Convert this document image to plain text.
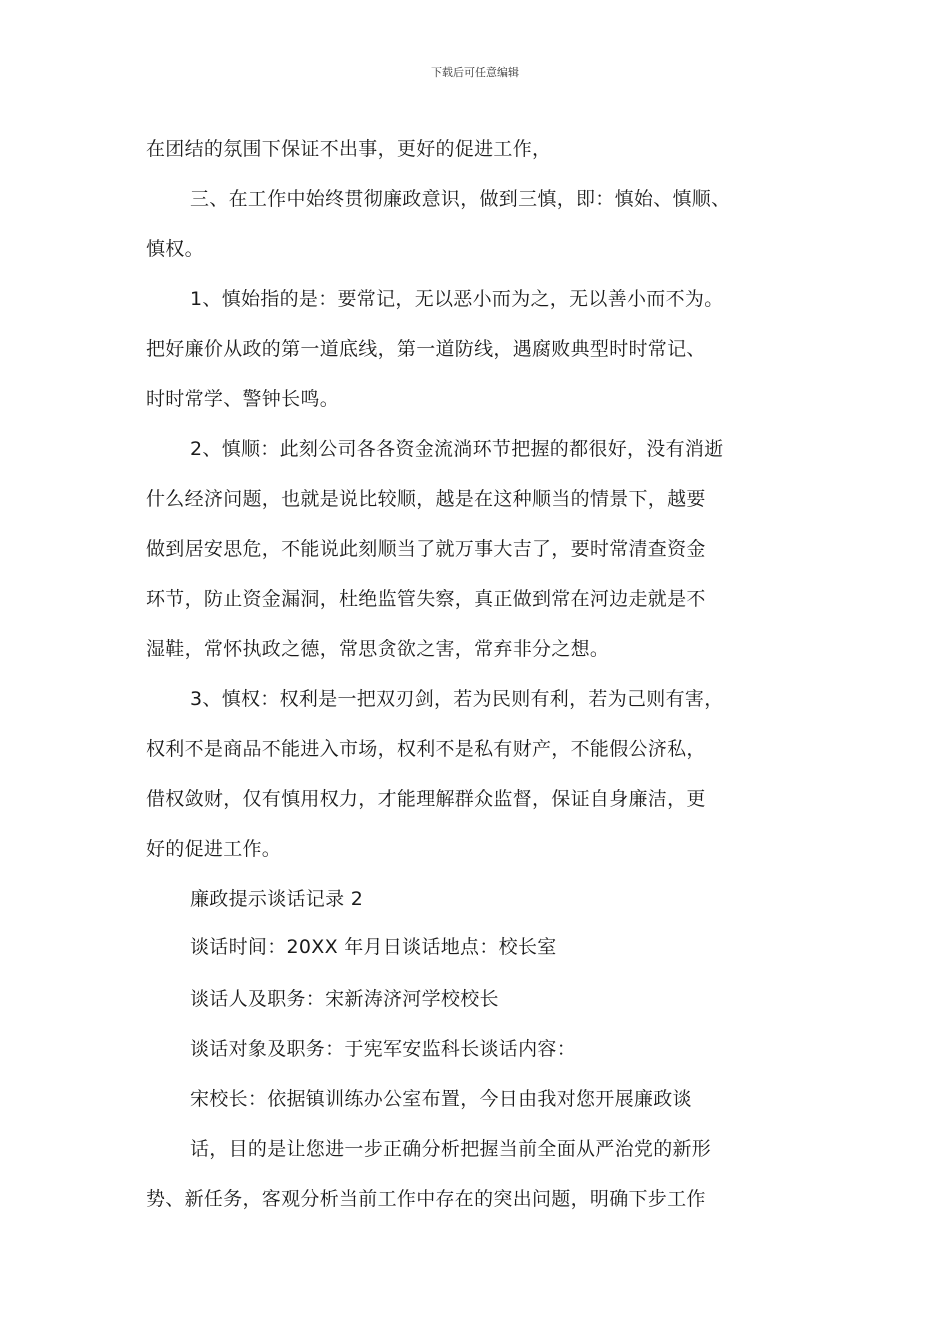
下载后可任意编辑
在团结的氛围下保证不出事，更好的促进工作，
三、在工作中始终贯彻廉政意识，做到三慎，即：慎始、慎顺、
慎权。
1、慎始指的是：要常记，无以恶小而为之，无以善小而不为。
把好廉价从政的第一道底线，第一道防线，遇腐败典型时时常记、
时时常学、警钟长鸣。
2、慎顺：此刻公司各各资金流淌环节把握的都很好，没有消逝
什么经济问题，也就是说比较顺，越是在这种顺当的情景下，越要
做到居安思危，不能说此刻顺当了就万事大吉了，要时常清查资金
环节，防止资金漏洞，杜绝监管失察，真正做到常在河边走就是不
湿鞋，常怀执政之德，常思贪欲之害，常弃非分之想。
3、慎权：权利是一把双刃剑，若为民则有利，若为己则有害，
权利不是商品不能进入市场，权利不是私有财产，不能假公济私，
借权敛财，仅有慎用权力，才能理解群众监督，保证自身廉洁，更
好的促进工作。
廉政提示谈话记录 2
谈话时间：20XX 年月日谈话地点：校长室
谈话人及职务：宋新涛济河学校校长
谈话对象及职务：于宪军安监科长谈话内容：
宋校长：依据镇训练办公室布置，今日由我对您开展廉政谈
话，目的是让您进一步正确分析把握当前全面从严治党的新形
势、新任务，客观分析当前工作中存在的突出问题，明确下步工作
